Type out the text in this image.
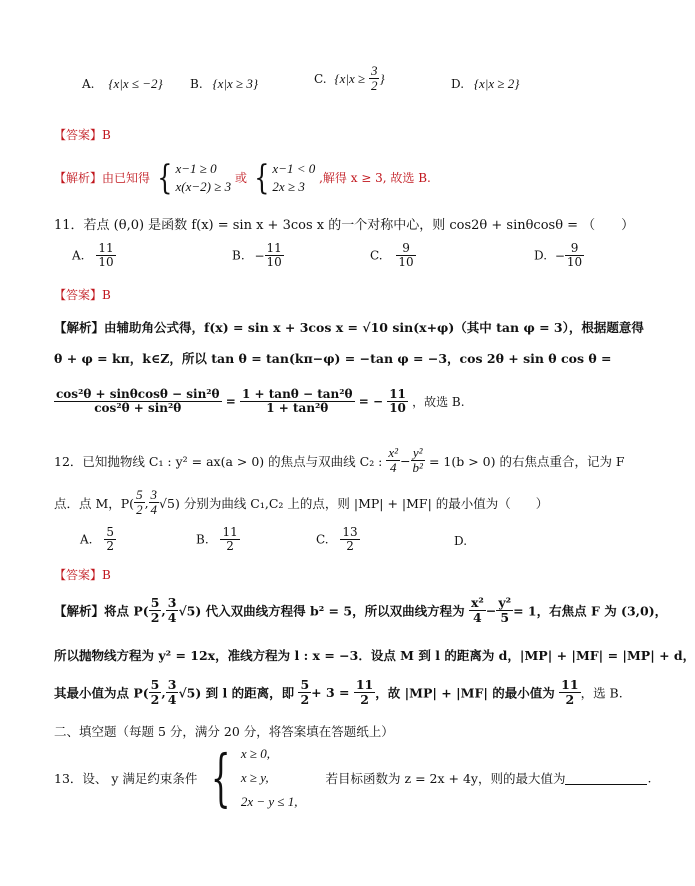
A. {x|x ≤ −2} B. {x|x ≥ 3}	C. {$x|x \ge \frac{3}{2}$ }	D. {x|x ≥ 2}
【答案】B
【解析】由已知得 { x−1 ≥ 0
x(x−2) ≥ 3
或 { x−1 < 0
2x ≥ 3
,解得 x ≥ 3, 故选 B.
11．若点 (θ,0) 是函数 f(x) = sin x + 3cos x 的一个对称中心，则 cos2θ + sinθcosθ = （　　）
A. $\frac{11}{10}$	B. − $\frac{11}{10}$	C. $\frac{9}{10}$	D. − $\frac{9}{10}$
【答案】B
【解析】由辅助角公式得，f(x) = sin x + 3cos x = √10 sin(x+φ)（其中 tan φ = 3），根据题意得
θ + φ = kπ，k∈Z，所以 tan θ = tan(kπ−φ) = −tan φ = −3，cos 2θ + sin θ cos θ =
$\frac{\text{cos²θ + sinθcosθ − sin²θ}}{\text{cos²θ + sin²θ}} = \frac{\text{1 + tanθ − tan²θ}}{\text{1 + tan²θ}}$ = − $\frac{11}{10}$ ，故选 B.
12．已知抛物线 C₁ : y² = ax(a > 0) 的焦点与双曲线 C₂ : $\frac{\text{x²}}{4} - \frac{\text{y²}}{\text{b²}} = 1(b > 0)$ 的右焦点重合，记为 F
点．点 M，$P( \frac{5}{2}$ , $\frac{3}{4} √5$) 分别为曲线 C₁,C₂ 上的点，则 |MP| + |MF| 的最小值为（　　）
A. $\frac{5}{2}$	B. $\frac{11}{2}$	C. $\frac{13}{2}$	D.
【答案】B
【解析】将点 $P( \frac{5}{2}$ , $\frac{3}{4} √5$) 代入双曲线方程得 b² = 5，所以双曲线方程为 $\frac{\text{x²}}{4} - \frac{\text{y²}}{5} = 1$，右焦点 F 为 (3,0)，
所以抛物线方程为 y² = 12x，准线方程为 l : x = −3．设点 M 到 l 的距离为 d，|MP| + |MF| = |MP| + d，
其最小值为点 $P( \frac{5}{2}$ , $\frac{3}{4} √5$) 到 l 的距离，即 $\frac{5}{2} + 3 = \frac{11}{2}$ ，故 |MP| + |MF| 的最小值为 $\frac{11}{2}$ ，选 B.
二、填空题（每题 5 分，满分 20 分，将答案填在答题纸上）
13．设、 y 满足约束条件 { x ≥ 0,
x ≥ y,
2x − y ≤ 1,
若目标函数为 z = 2x + 4y，则的最大值为	.
